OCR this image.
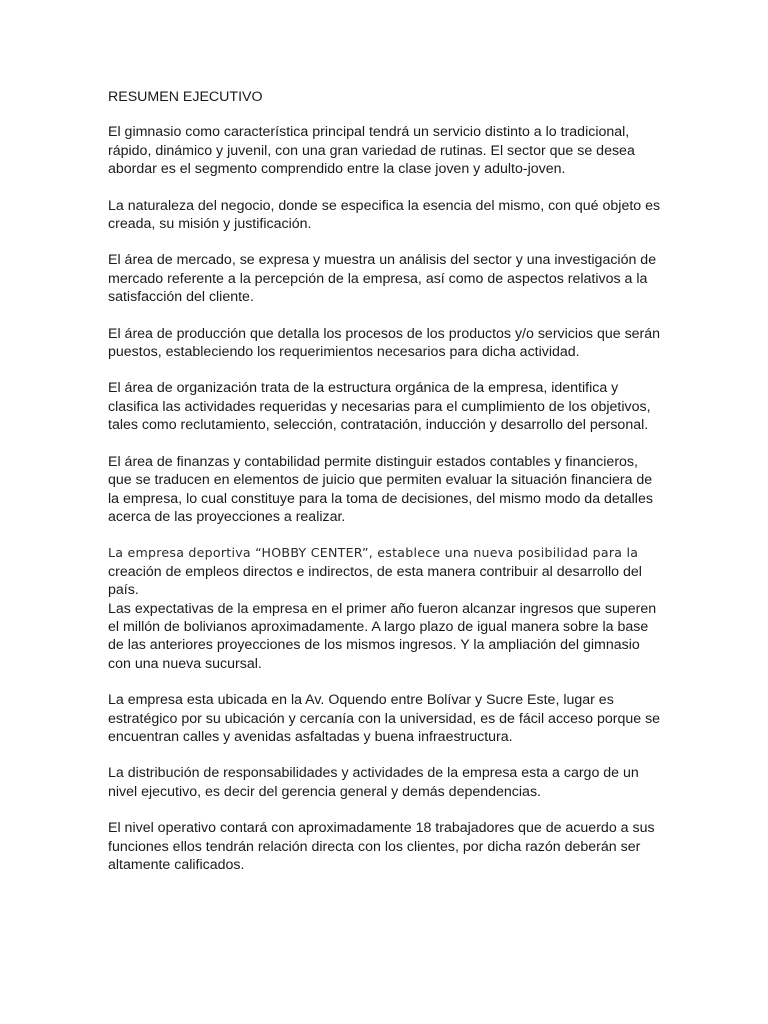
RESUMEN EJECUTIVO

El gimnasio como característica principal tendrá un servicio distinto a lo tradicional, rápido, dinámico y juvenil, con una gran variedad de rutinas. El sector que se desea abordar es el segmento comprendido entre la clase joven y adulto-joven.

La naturaleza del negocio, donde se especifica la esencia del mismo, con qué objeto es creada, su misión y justificación.

El área de mercado, se expresa y muestra un análisis del sector y una investigación de mercado referente a la percepción de la empresa, así como de aspectos relativos a la satisfacción del cliente.

El área de producción que detalla los procesos de los productos y/o servicios que serán puestos, estableciendo los requerimientos necesarios para dicha actividad.

El área de organización trata de la estructura orgánica de la empresa, identifica y clasifica las actividades requeridas y necesarias para el cumplimiento de los objetivos, tales como reclutamiento, selección, contratación, inducción y desarrollo del personal.

El área de finanzas y contabilidad permite distinguir estados contables y financieros, que se traducen en elementos de juicio que permiten evaluar la situación financiera de la empresa, lo cual constituye para la toma de decisiones, del mismo modo da detalles acerca de las proyecciones a realizar.

La empresa deportiva “HOBBY CENTER”, establece una nueva posibilidad para la
creación de empleos directos e indirectos, de esta manera contribuir al desarrollo del país.

Las expectativas de la empresa en el primer año fueron alcanzar ingresos que superen el millón de bolivianos aproximadamente. A largo plazo de igual manera sobre la base de las anteriores proyecciones de los mismos ingresos. Y la ampliación del gimnasio con una nueva sucursal.

La empresa esta ubicada en la Av. Oquendo entre Bolívar y Sucre Este, lugar es estratégico por su ubicación y cercanía con la universidad, es de fácil acceso porque se encuentran calles y avenidas asfaltadas y buena infraestructura.

La distribución de responsabilidades y actividades de la empresa esta a cargo de un nivel ejecutivo, es decir del gerencia general y demás dependencias.

El nivel operativo contará con aproximadamente 18 trabajadores que de acuerdo a sus funciones ellos tendrán relación directa con los clientes, por dicha razón deberán ser altamente calificados.
